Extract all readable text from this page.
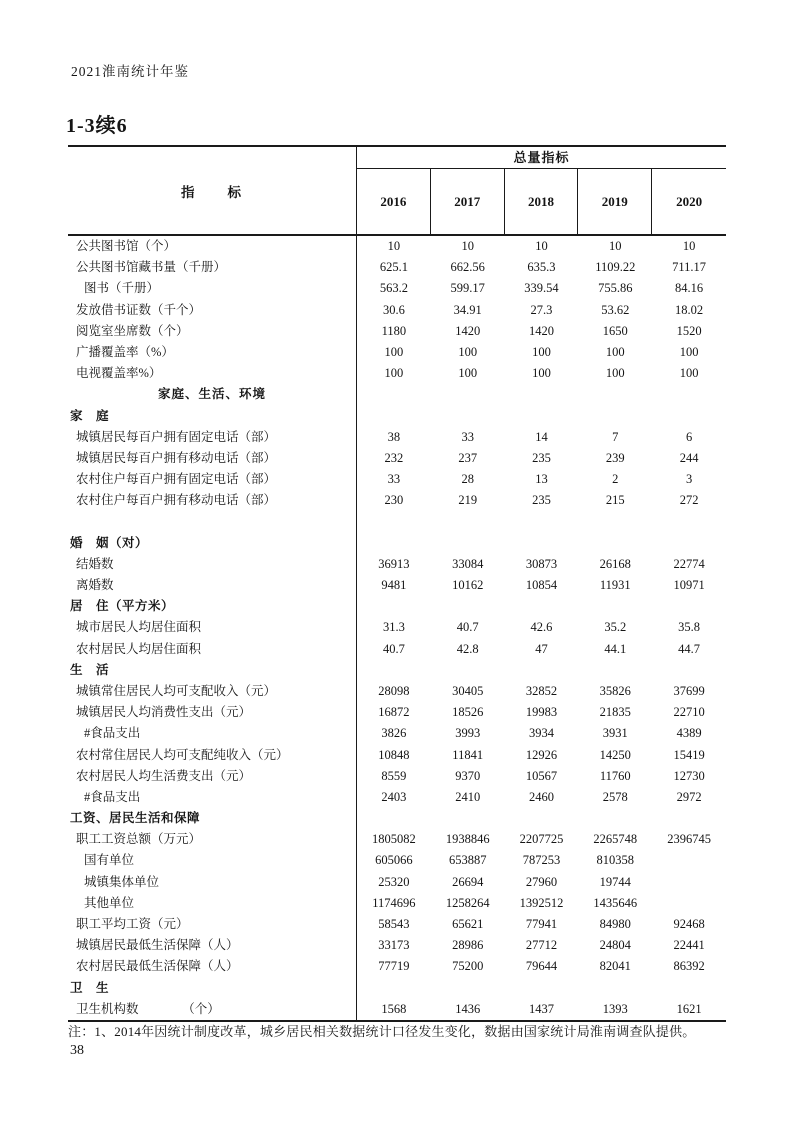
2021淮南统计年鉴
1-3续6
指　　标
总量指标
2016	2017	2018	2019	2020
公共图书馆（个）	10	10	10	10	10
公共图书馆藏书量（千册）	625.1	662.56	635.3	1109.22	711.17
图书（千册）	563.2	599.17	339.54	755.86	84.16
发放借书证数（千个）	30.6	34.91	27.3	53.62	18.02
阅览室坐席数（个）	1180	1420	1420	1650	1520
广播覆盖率（%）	100	100	100	100	100
电视覆盖率%）	100	100	100	100	100
家庭、生活、环境
家　庭
城镇居民每百户拥有固定电话（部）	38	33	14	7	6
城镇居民每百户拥有移动电话（部）	232	237	235	239	244
农村住户每百户拥有固定电话（部）	33	28	13	2	3
农村住户每百户拥有移动电话（部）	230	219	235	215	272
婚　姻（对）
结婚数	36913	33084	30873	26168	22774
离婚数	9481	10162	10854	11931	10971
居　住（平方米）
城市居民人均居住面积	31.3	40.7	42.6	35.2	35.8
农村居民人均居住面积	40.7	42.8	47	44.1	44.7
生　活
城镇常住居民人均可支配收入（元）	28098	30405	32852	35826	37699
城镇居民人均消费性支出（元）	16872	18526	19983	21835	22710
#食品支出	3826	3993	3934	3931	4389
农村常住居民人均可支配纯收入（元）	10848	11841	12926	14250	15419
农村居民人均生活费支出（元）	8559	9370	10567	11760	12730
#食品支出	2403	2410	2460	2578	2972
工资、居民生活和保障
职工工资总额（万元）	1805082	1938846	2207725	2265748	2396745
国有单位	605066	653887	787253	810358
城镇集体单位	25320	26694	27960	19744
其他单位	1174696	1258264	1392512	1435646
职工平均工资（元）	58543	65621	77941	84980	92468
城镇居民最低生活保障（人）	33173	28986	27712	24804	22441
农村居民最低生活保障（人）	77719	75200	79644	82041	86392
卫　生
卫生机构数　　　　（个）	1568	1436	1437	1393	1621
注：1、2014年因统计制度改革，城乡居民相关数据统计口径发生变化，数据由国家统计局淮南调查队提供。
38
